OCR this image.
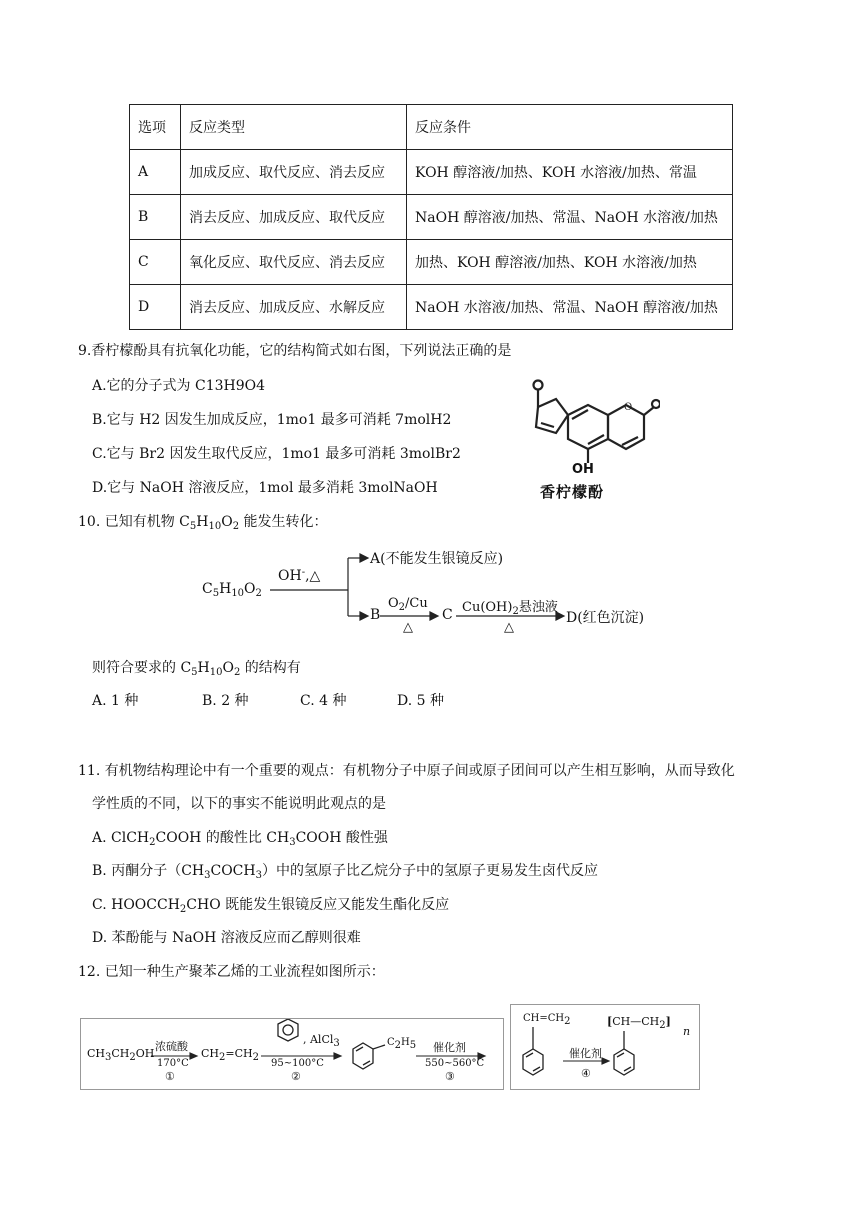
选项	反应类型	反应条件
A	加成反应、取代反应、消去反应	KOH 醇溶液/加热、KOH 水溶液/加热、常温
B	消去反应、加成反应、取代反应	NaOH 醇溶液/加热、常温、NaOH 水溶液/加热
C	氧化反应、取代反应、消去反应	加热、KOH 醇溶液/加热、KOH 水溶液/加热
D	消去反应、加成反应、水解反应	NaOH 水溶液/加热、常温、NaOH 醇溶液/加热
9.香柠檬酚具有抗氧化功能，它的结构简式如右图，下列说法正确的是
A.它的分子式为 C13H9O4
B.它与 H2 因发生加成反应，1mo1 最多可消耗 7molH2
C.它与 Br2 因发生取代反应，1mo1 最多可消耗 3molBr2
D.它与 NaOH 溶液反应，1mol 最多消耗 3molNaOH
O
OH
香柠檬酚
10. 已知有机物 $C_5H_{10}O_2$ 能发生转化：
$C_5H_{10}O_2$
OH-,△
A(不能发生银镜反应)
B
$O_2/Cu$
△
C $Cu(OH)_2$悬浊液
△
D(红色沉淀)
则符合要求的 $C_5H_{10}O_2$ 的结构有
A. 1 种	B. 2 种	C. 4 种	D. 5 种
11. 有机物结构理论中有一个重要的观点：有机物分子中原子间或原子团间可以产生相互影响，从而导致化
学性质的不同，以下的事实不能说明此观点的是
A. ClCH$_2$COOH 的酸性比 $CH_3COOH$ 酸性强
B. 丙酮分子$(CH_3COCH_3)$中的氢原子比乙烷分子中的氢原子更易发生卤代反应
C. $HOOCCH_2CHO$ 既能发生银镜反应又能发生酯化反应
D. 苯酚能与 NaOH 溶液反应而乙醇则很难
12. 已知一种生产聚苯乙烯的工业流程如图所示：
$CH_3CH_2OH$
浓硫酸
170°C
①
$CH_2=CH_2$
, AlCl$_3$
95~100°C
②
$C_2H_5$ 催化剂
550~560°C
③
$CH=CH_2$
催化剂
④
$[CH—CH_2]$
n
